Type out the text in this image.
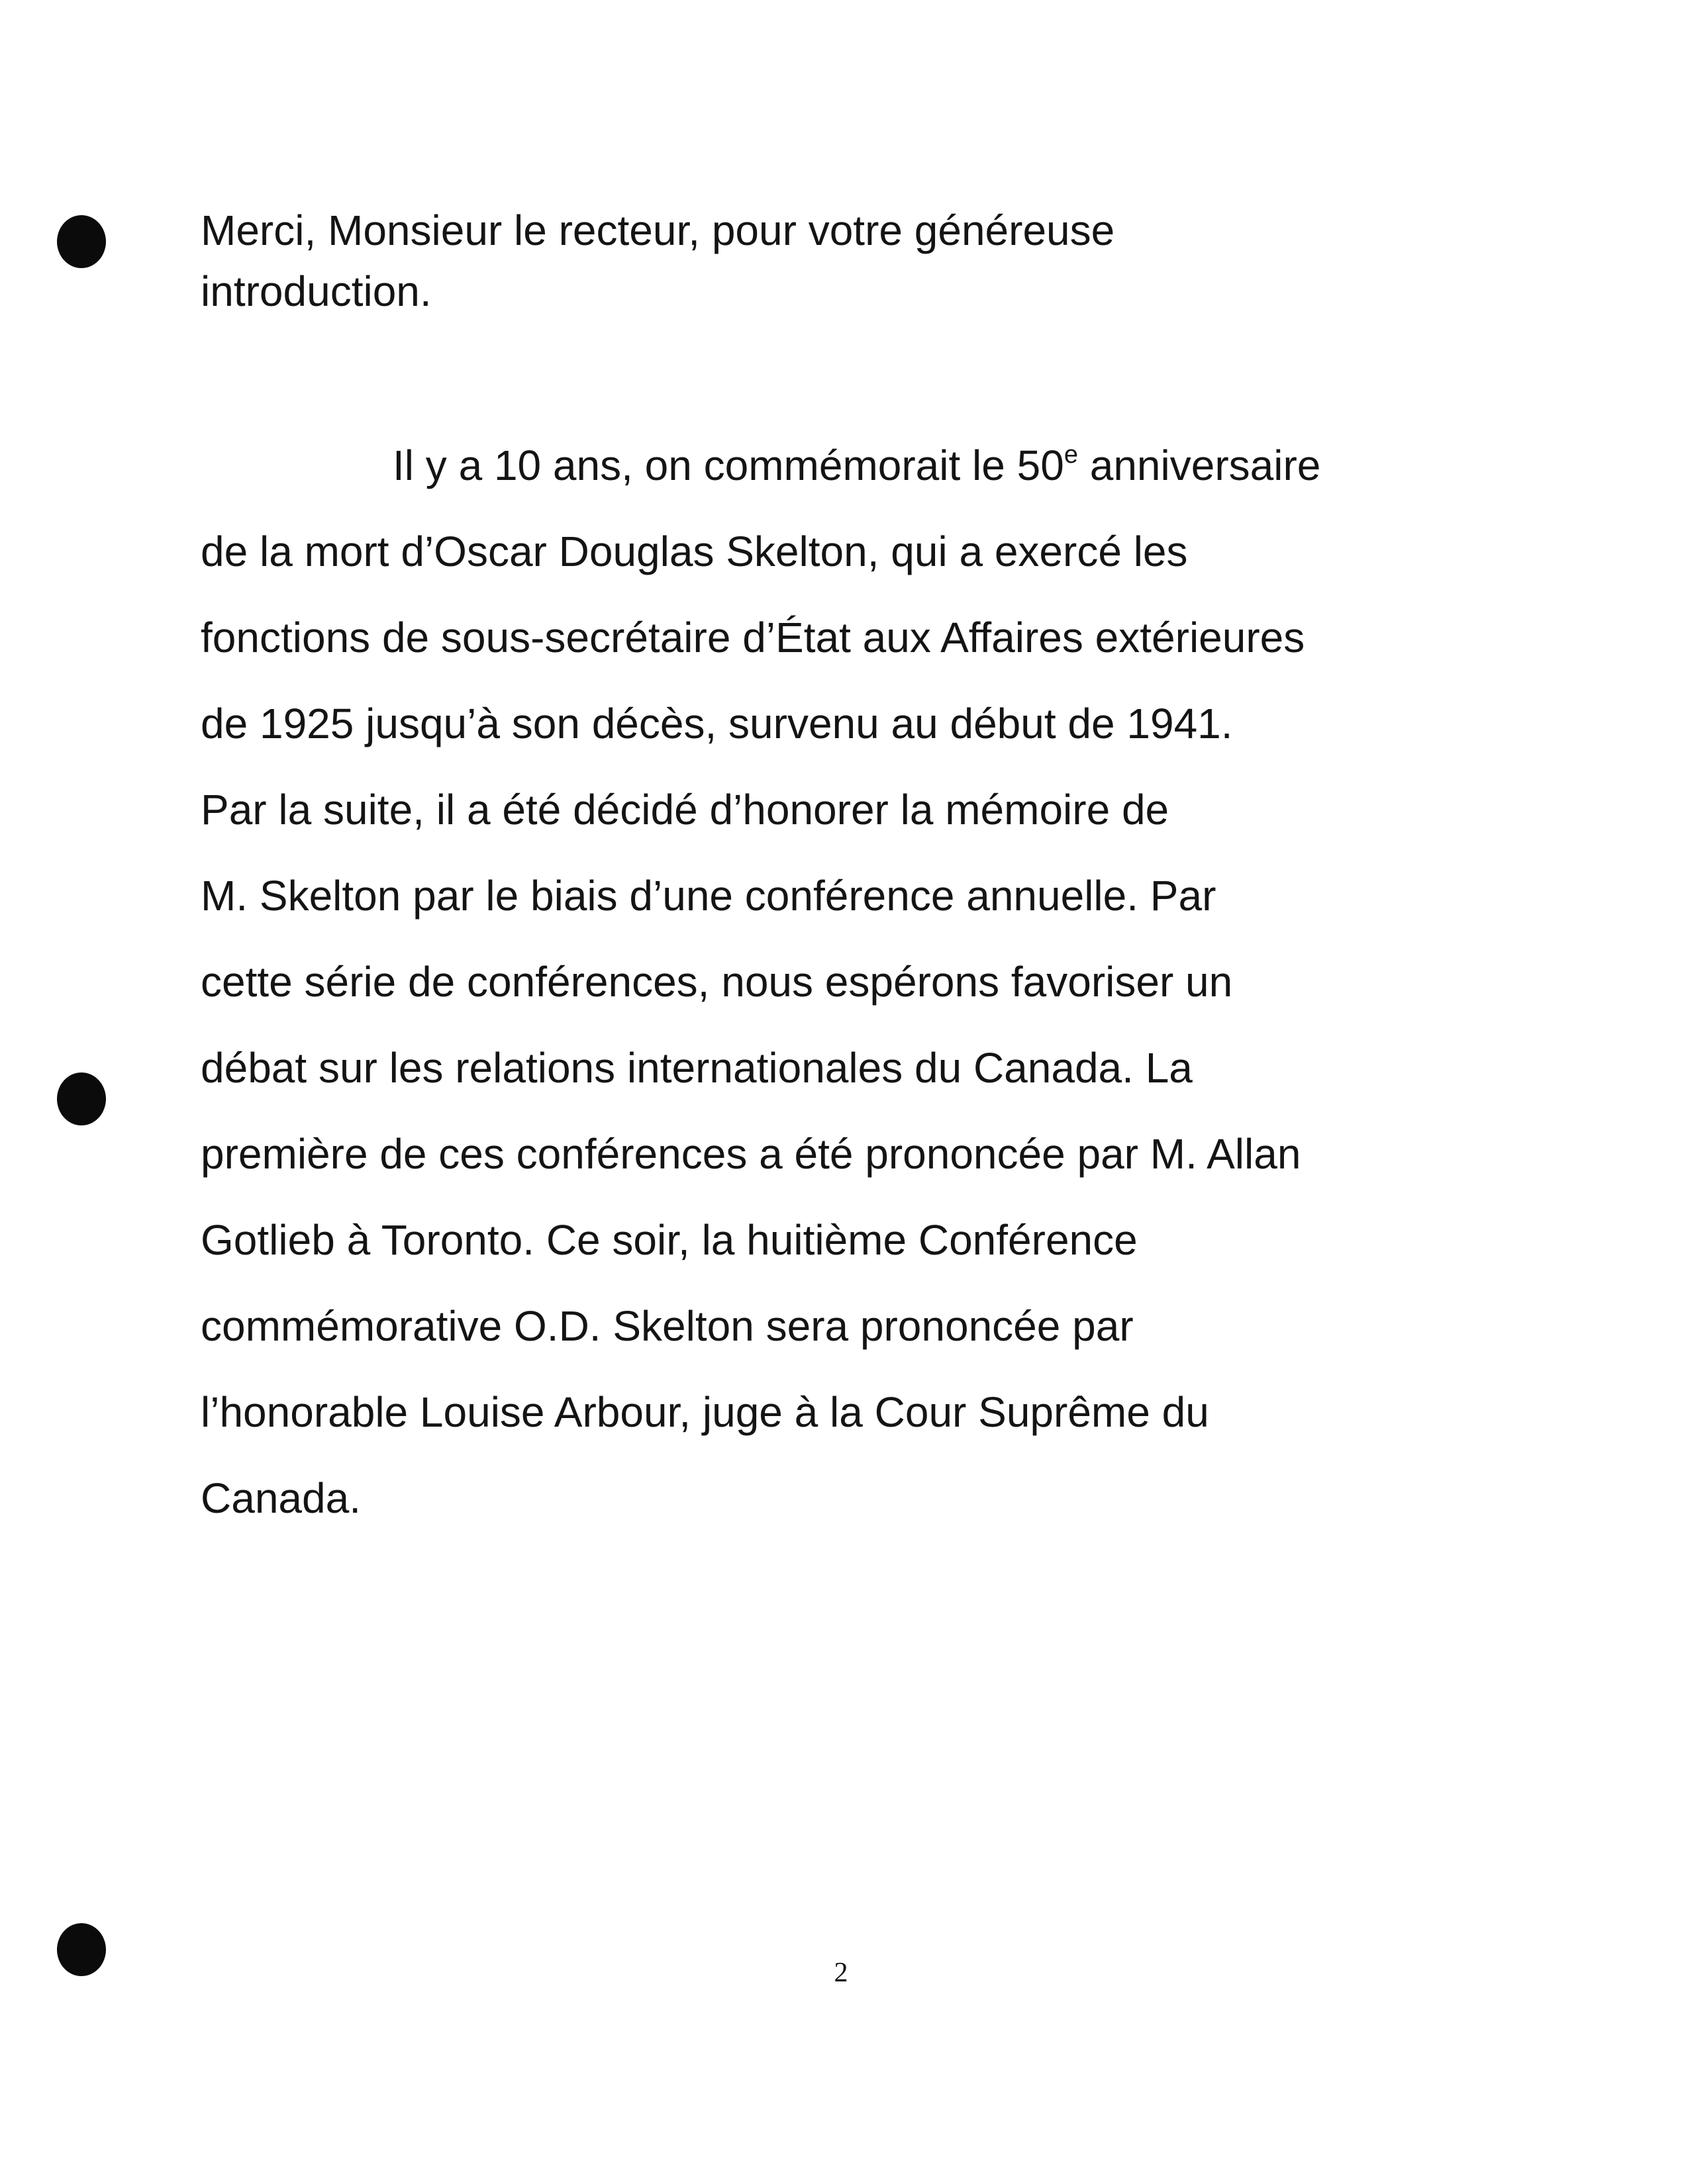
Merci, Monsieur le recteur, pour votre généreuse
introduction.

Il y a 10 ans, on commémorait le 50e anniversaire
de la mort d’Oscar Douglas Skelton, qui a exercé les
fonctions de sous-secrétaire d’État aux Affaires extérieures
de 1925 jusqu’à son décès, survenu au début de 1941.
Par la suite, il a été décidé d’honorer la mémoire de
M. Skelton par le biais d’une conférence annuelle. Par
cette série de conférences, nous espérons favoriser un
débat sur les relations internationales du Canada. La
première de ces conférences a été prononcée par M. Allan
Gotlieb à Toronto. Ce soir, la huitième Conférence
commémorative O.D. Skelton sera prononcée par
l’honorable Louise Arbour, juge à la Cour Suprême du
Canada.

2
